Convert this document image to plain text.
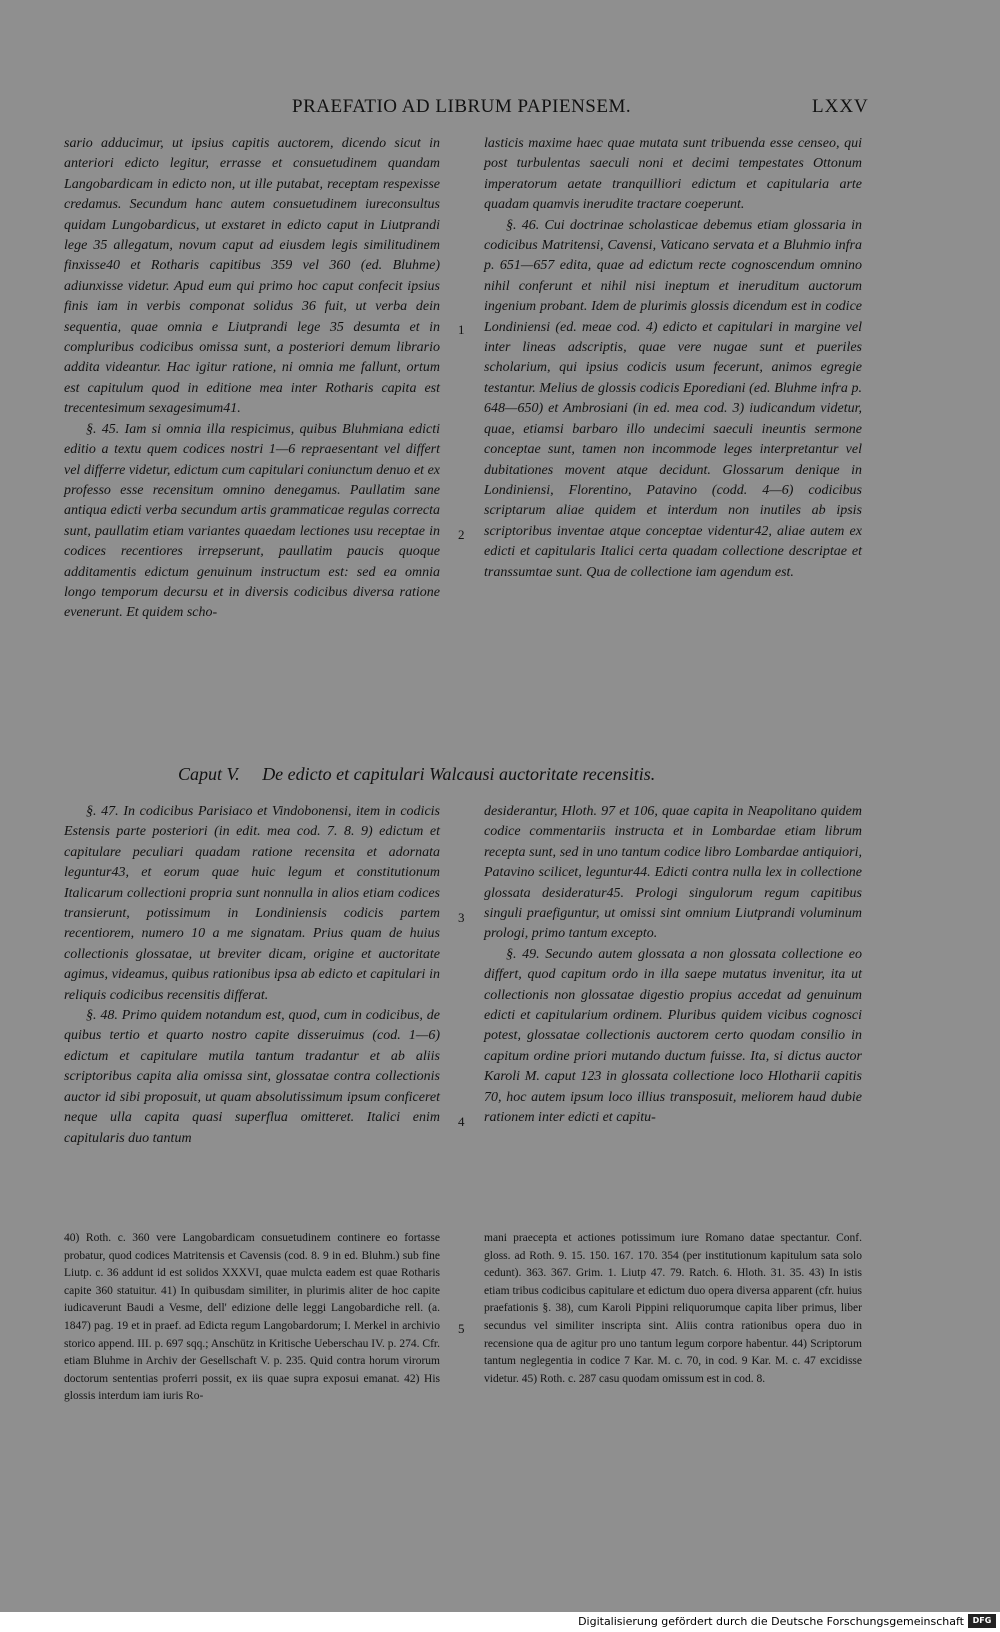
PRAEFATIO AD LIBRUM PAPIENSEM.	LXXV

sario adducimur, ut ipsius capitis auctorem, dicendo sicut in anteriori edicto legitur, errasse et consuetudinem quandam Langobardicam in edicto non, ut ille putabat, receptam respexisse credamus. Secundum hanc autem consuetudinem iureconsultus quidam Lungobardicus, ut exstaret in edicto caput in Liutprandi lege 35 allegatum, novum caput ad eiusdem legis similitudinem finxisse40 et Rotharis capitibus 359 vel 360 (ed. Bluhme) adiunxisse videtur. Apud eum qui primo hoc caput confecit ipsius finis iam in verbis componat solidus 36 fuit, ut verba dein sequentia, quae omnia e Liutprandi lege 35 desumta et in compluribus codicibus omissa sunt, a posteriori demum librario addita videantur. Hac igitur ratione, ni omnia me fallunt, ortum est capitulum quod in editione mea inter Rotharis capita est trecentesimum sexagesimum41.

§. 45. Iam si omnia illa respicimus, quibus Bluhmiana edicti editio a textu quem codices nostri 1—6 repraesentant vel differt vel differre videtur, edictum cum capitulari coniunctum denuo et ex professo esse recensitum omnino denegamus. Paullatim sane antiqua edicti verba secundum artis grammaticae regulas correcta sunt, paullatim etiam variantes quaedam lectiones usu receptae in codices recentiores irrepserunt, paullatim paucis quoque additamentis edictum genuinum instructum est: sed ea omnia longo temporum decursu et in diversis codicibus diversa ratione evenerunt. Et quidem scho-

lasticis maxime haec quae mutata sunt tribuenda esse censeo, qui post turbulentas saeculi noni et decimi tempestates Ottonum imperatorum aetate tranquilliori edictum et capitularia arte quadam quamvis inerudite tractare coeperunt.

§. 46. Cui doctrinae scholasticae debemus etiam glossaria in codicibus Matritensi, Cavensi, Vaticano servata et a Bluhmio infra p. 651—657 edita, quae ad edictum recte cognoscendum omnino nihil conferunt et nihil nisi ineptum et ineruditum auctorum ingenium probant. Idem de plurimis glossis dicendum est in codice Londiniensi (ed. meae cod. 4) edicto et capitulari in margine vel inter lineas adscriptis, quae vere nugae sunt et pueriles scholarium, qui ipsius codicis usum fecerunt, animos egregie testantur. Melius de glossis codicis Eporediani (ed. Bluhme infra p. 648—650) et Ambrosiani (in ed. mea cod. 3) iudicandum videtur, quae, etiamsi barbaro illo undecimi saeculi ineuntis sermone conceptae sunt, tamen non incommode leges interpretantur vel dubitationes movent atque decidunt. Glossarum denique in Londiniensi, Florentino, Patavino (codd. 4—6) codicibus scriptarum aliae quidem et interdum non inutiles ab ipsis scriptoribus inventae atque conceptae videntur42, aliae autem ex edicti et capitularis Italici certa quadam collectione descriptae et transsumtae sunt. Qua de collectione iam agendum est.

1
2
Caput V. De edicto et capitulari Walcausi auctoritate recensitis.

§. 47. In codicibus Parisiaco et Vindobonensi, item in codicis Estensis parte posteriori (in edit. mea cod. 7. 8. 9) edictum et capitulare peculiari quadam ratione recensita et adornata leguntur43, et eorum quae huic legum et constitutionum Italicarum collectioni propria sunt nonnulla in alios etiam codices transierunt, potissimum in Londiniensis codicis partem recentiorem, numero 10 a me signatam. Prius quam de huius collectionis glossatae, ut breviter dicam, origine et auctoritate agimus, videamus, quibus rationibus ipsa ab edicto et capitulari in reliquis codicibus recensitis differat.

§. 48. Primo quidem notandum est, quod, cum in codicibus, de quibus tertio et quarto nostro capite disseruimus (cod. 1—6) edictum et capitulare mutila tantum tradantur et ab aliis scriptoribus capita alia omissa sint, glossatae contra collectionis auctor id sibi proposuit, ut quam absolutissimum ipsum conficeret neque ulla capita quasi superflua omitteret. Italici enim capitularis duo tantum

desiderantur, Hloth. 97 et 106, quae capita in Neapolitano quidem codice commentariis instructa et in Lombardae etiam librum recepta sunt, sed in uno tantum codice libro Lombardae antiquiori, Patavino scilicet, leguntur44. Edicti contra nulla lex in collectione glossata desideratur45. Prologi singulorum regum capitibus singuli praefiguntur, ut omissi sint omnium Liutprandi voluminum prologi, primo tantum excepto.

§. 49. Secundo autem glossata a non glossata collectione eo differt, quod capitum ordo in illa saepe mutatus invenitur, ita ut collectionis non glossatae digestio propius accedat ad genuinum edicti et capitularium ordinem. Pluribus quidem vicibus cognosci potest, glossatae collectionis auctorem certo quodam consilio in capitum ordine priori mutando ductum fuisse. Ita, si dictus auctor Karoli M. caput 123 in glossata collectione loco Hlotharii capitis 70, hoc autem ipsum loco illius transposuit, meliorem haud dubie rationem inter edicti et capitu-

3
4
5

40) Roth. c. 360 vere Langobardicam consuetudinem continere eo fortasse probatur, quod codices Matritensis et Cavensis (cod. 8. 9 in ed. Bluhm.) sub fine Liutp. c. 36 addunt id est solidos XXXVI, quae mulcta eadem est quae Rotharis capite 360 statuitur. 41) In quibusdam similiter, in plurimis aliter de hoc capite iudicaverunt Baudi a Vesme, dell' edizione delle leggi Langobardiche rell. (a. 1847) pag. 19 et in praef. ad Edicta regum Langobardorum; I. Merkel in archivio storico append. III. p. 697 sqq.; Anschütz in Kritische Ueberschau IV. p. 274. Cfr. etiam Bluhme in Archiv der Gesellschaft V. p. 235. Quid contra horum virorum doctorum sententias proferri possit, ex iis quae supra exposui emanat. 42) His glossis interdum iam iuris Ro-

mani praecepta et actiones potissimum iure Romano datae spectantur. Conf. gloss. ad Roth. 9. 15. 150. 167. 170. 354 (per institutionum kapitulum sata solo cedunt). 363. 367. Grim. 1. Liutp 47. 79. Ratch. 6. Hloth. 31. 35. 43) In istis etiam tribus codicibus capitulare et edictum duo opera diversa apparent (cfr. huius praefationis §. 38), cum Karoli Pippini reliquorumque capita liber primus, liber secundus vel similiter inscripta sint. Aliis contra rationibus opera duo in recensione qua de agitur pro uno tantum legum corpore habentur. 44) Scriptorum tantum neglegentia in codice 7 Kar. M. c. 70, in cod. 9 Kar. M. c. 47 excidisse videtur. 45) Roth. c. 287 casu quodam omissum est in cod. 8.

Digitalisierung gefördert durch die Deutsche Forschungsgemeinschaft	DFG
